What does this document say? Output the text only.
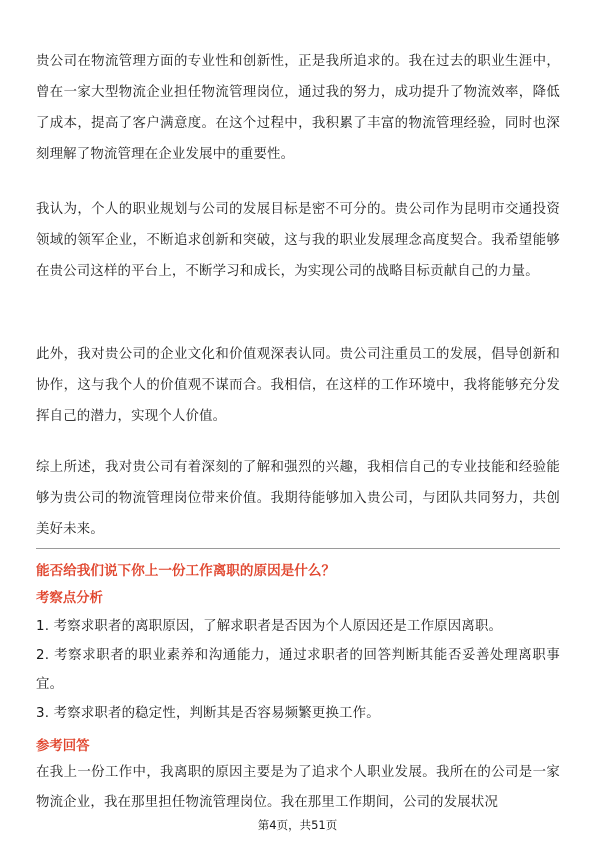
贵公司在物流管理方面的专业性和创新性，正是我所追求的。我在过去的职业生涯中，曾在一家大型物流企业担任物流管理岗位，通过我的努力，成功提升了物流效率，降低了成本，提高了客户满意度。在这个过程中，我积累了丰富的物流管理经验，同时也深刻理解了物流管理在企业发展中的重要性。

我认为，个人的职业规划与公司的发展目标是密不可分的。贵公司作为昆明市交通投资领域的领军企业，不断追求创新和突破，这与我的职业发展理念高度契合。我希望能够在贵公司这样的平台上，不断学习和成长，为实现公司的战略目标贡献自己的力量。

此外，我对贵公司的企业文化和价值观深表认同。贵公司注重员工的发展，倡导创新和协作，这与我个人的价值观不谋而合。我相信，在这样的工作环境中，我将能够充分发挥自己的潜力，实现个人价值。

综上所述，我对贵公司有着深刻的了解和强烈的兴趣，我相信自己的专业技能和经验能够为贵公司的物流管理岗位带来价值。我期待能够加入贵公司，与团队共同努力，共创美好未来。

能否给我们说下你上一份工作离职的原因是什么？

考察点分析

1. 考察求职者的离职原因，了解求职者是否因为个人原因还是工作原因离职。
2. 考察求职者的职业素养和沟通能力，通过求职者的回答判断其能否妥善处理离职事宜。
3. 考察求职者的稳定性，判断其是否容易频繁更换工作。

参考回答

在我上一份工作中，我离职的原因主要是为了追求个人职业发展。我所在的公司是一家物流企业，我在那里担任物流管理岗位。我在那里工作期间，公司的发展状况

第4页，共51页
